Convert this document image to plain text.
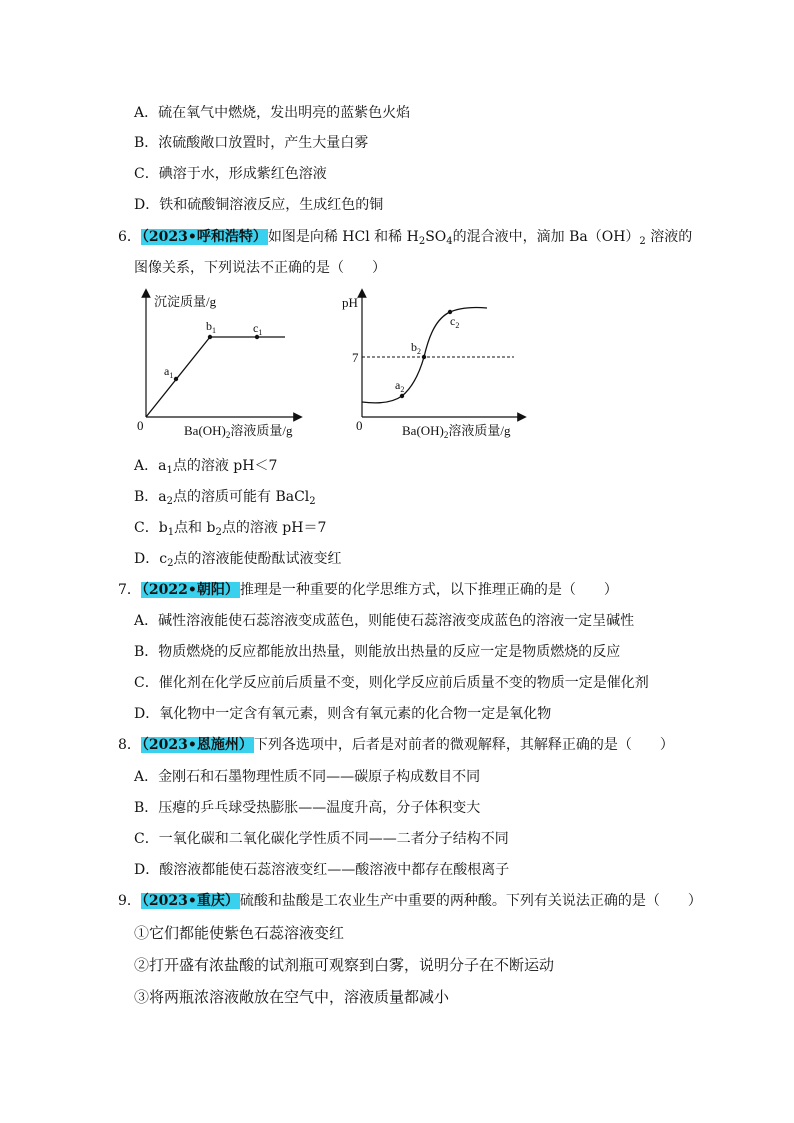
A．硫在氧气中燃烧，发出明亮的蓝紫色火焰
B．浓硫酸敞口放置时，产生大量白雾
C．碘溶于水，形成紫红色溶液
D．铁和硫酸铜溶液反应，生成红色的铜
6．（2023•呼和浩特）如图是向稀 HCl 和稀 $H_2SO_4$的混合液中，滴加 $Ba(OH)_2$ 溶液的
图像关系，下列说法不正确的是（　　）
沉淀质量/g
0	$Ba(OH)_2$溶液质量/g
$a_1$
$b_1$	$c_1$
pH
0
7
$Ba(OH)_2$溶液质量/g
$a_2$
$b_2$
$c_2$
A．$a_1$点的溶液 pH＜7
B．$a_2$点的溶质可能有 BaCl$_2$
C．$b_1$点和 $b_2$点的溶液 pH＝7
D．$c_2$点的溶液能使酚酞试液变红
7．（2022•朝阳）推理是一种重要的化学思维方式，以下推理正确的是（　　）
A．碱性溶液能使石蕊溶液变成蓝色，则能使石蕊溶液变成蓝色的溶液一定呈碱性
B．物质燃烧的反应都能放出热量，则能放出热量的反应一定是物质燃烧的反应
C．催化剂在化学反应前后质量不变，则化学反应前后质量不变的物质一定是催化剂
D．氧化物中一定含有氧元素，则含有氧元素的化合物一定是氧化物
8．（2023•恩施州）下列各选项中，后者是对前者的微观解释，其解释正确的是（　　）
A．金刚石和石墨物理性质不同——碳原子构成数目不同
B．压瘪的乒乓球受热膨胀——温度升高，分子体积变大
C．一氧化碳和二氧化碳化学性质不同——二者分子结构不同
D．酸溶液都能使石蕊溶液变红——酸溶液中都存在酸根离子
9．（2023•重庆）硫酸和盐酸是工农业生产中重要的两种酸。下列有关说法正确的是（　　）
①它们都能使紫色石蕊溶液变红
②打开盛有浓盐酸的试剂瓶可观察到白雾，说明分子在不断运动
③将两瓶浓溶液敞放在空气中，溶液质量都减小
